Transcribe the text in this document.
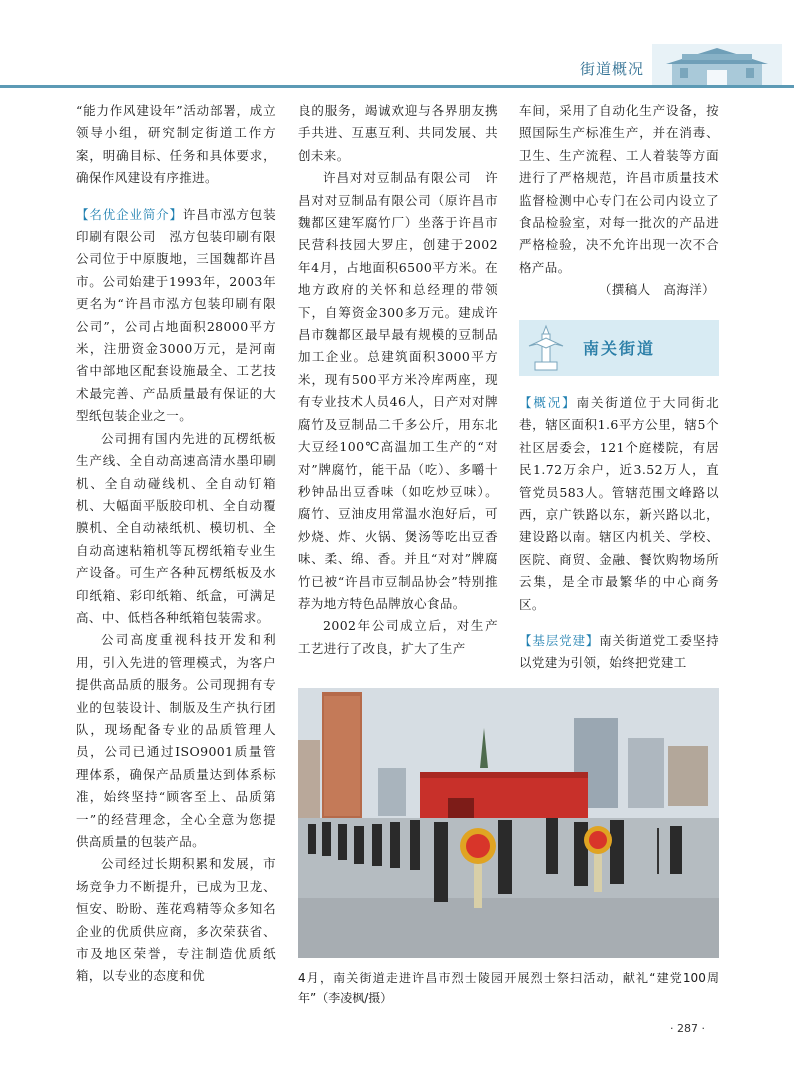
街道概况

“能力作风建设年”活动部署，成立领导小组，研究制定街道工作方案，明确目标、任务和具体要求，确保作风建设有序推进。

【名优企业简介】许昌市泓方包装印刷有限公司　泓方包装印刷有限公司位于中原腹地，三国魏都许昌市。公司始建于1993年，2003年更名为“许昌市泓方包装印刷有限公司”，公司占地面积28000平方米，注册资金3000万元，是河南省中部地区配套设施最全、工艺技术最完善、产品质量最有保证的大型纸包装企业之一。

公司拥有国内先进的瓦楞纸板生产线、全自动高速高清水墨印刷机、全自动碰线机、全自动钉箱机、大幅面平版胶印机、全自动覆膜机、全自动裱纸机、模切机、全自动高速粘箱机等瓦楞纸箱专业生产设备。可生产各种瓦楞纸板及水印纸箱、彩印纸箱、纸盒，可满足高、中、低档各种纸箱包装需求。

公司高度重视科技开发和利用，引入先进的管理模式，为客户提供高品质的服务。公司现拥有专业的包装设计、制版及生产执行团队，现场配备专业的品质管理人员，公司已通过ISO9001质量管理体系，确保产品质量达到体系标准，始终坚持“顾客至上、品质第一”的经营理念，全心全意为您提供高质量的包装产品。

公司经过长期积累和发展，市场竞争力不断提升，已成为卫龙、恒安、盼盼、莲花鸡精等众多知名企业的优质供应商，多次荣获省、市及地区荣誉，专注制造优质纸箱，以专业的态度和优

良的服务，竭诚欢迎与各界朋友携手共进、互惠互利、共同发展、共创未来。

许昌对对豆制品有限公司　许昌对对豆制品有限公司（原许昌市魏都区建军腐竹厂）坐落于许昌市民营科技园大罗庄，创建于2002年4月，占地面积6500平方米。在地方政府的关怀和总经理的带领下，自筹资金300多万元。建成许昌市魏都区最早最有规模的豆制品加工企业。总建筑面积3000平方米，现有500平方米冷库两座，现有专业技术人员46人，日产对对牌腐竹及豆制品二千多公斤，用东北大豆经100℃高温加工生产的“对对”牌腐竹，能干品（吃）、多嚼十秒钟品出豆香味（如吃炒豆味）。腐竹、豆油皮用常温水泡好后，可炒烧、炸、火锅、煲汤等吃出豆香味、柔、绵、香。并且“对对”牌腐竹已被“许昌市豆制品协会”特别推荐为地方特色品牌放心食品。

2002年公司成立后，对生产工艺进行了改良，扩大了生产

车间，采用了自动化生产设备，按照国际生产标准生产，并在消毒、卫生、生产流程、工人着装等方面进行了严格规范，许昌市质量技术监督检测中心专门在公司内设立了食品检验室，对每一批次的产品进严格检验，决不允许出现一次不合格产品。

（撰稿人　高海洋）

南关街道

【概况】南关街道位于大同街北巷，辖区面积1.6平方公里，辖5个社区居委会，121个庭楼院，有居民1.72万余户，近3.52万人，直管党员583人。管辖范围文峰路以西，京广铁路以东，新兴路以北，建设路以南。辖区内机关、学校、医院、商贸、金融、餐饮购物场所云集，是全市最繁华的中心商务区。

【基层党建】南关街道党工委坚持以党建为引领，始终把党建工

4月，南关街道走进许昌市烈士陵园开展烈士祭扫活动，献礼“建党100周年”（李凌枫/摄）
· 287 ·
